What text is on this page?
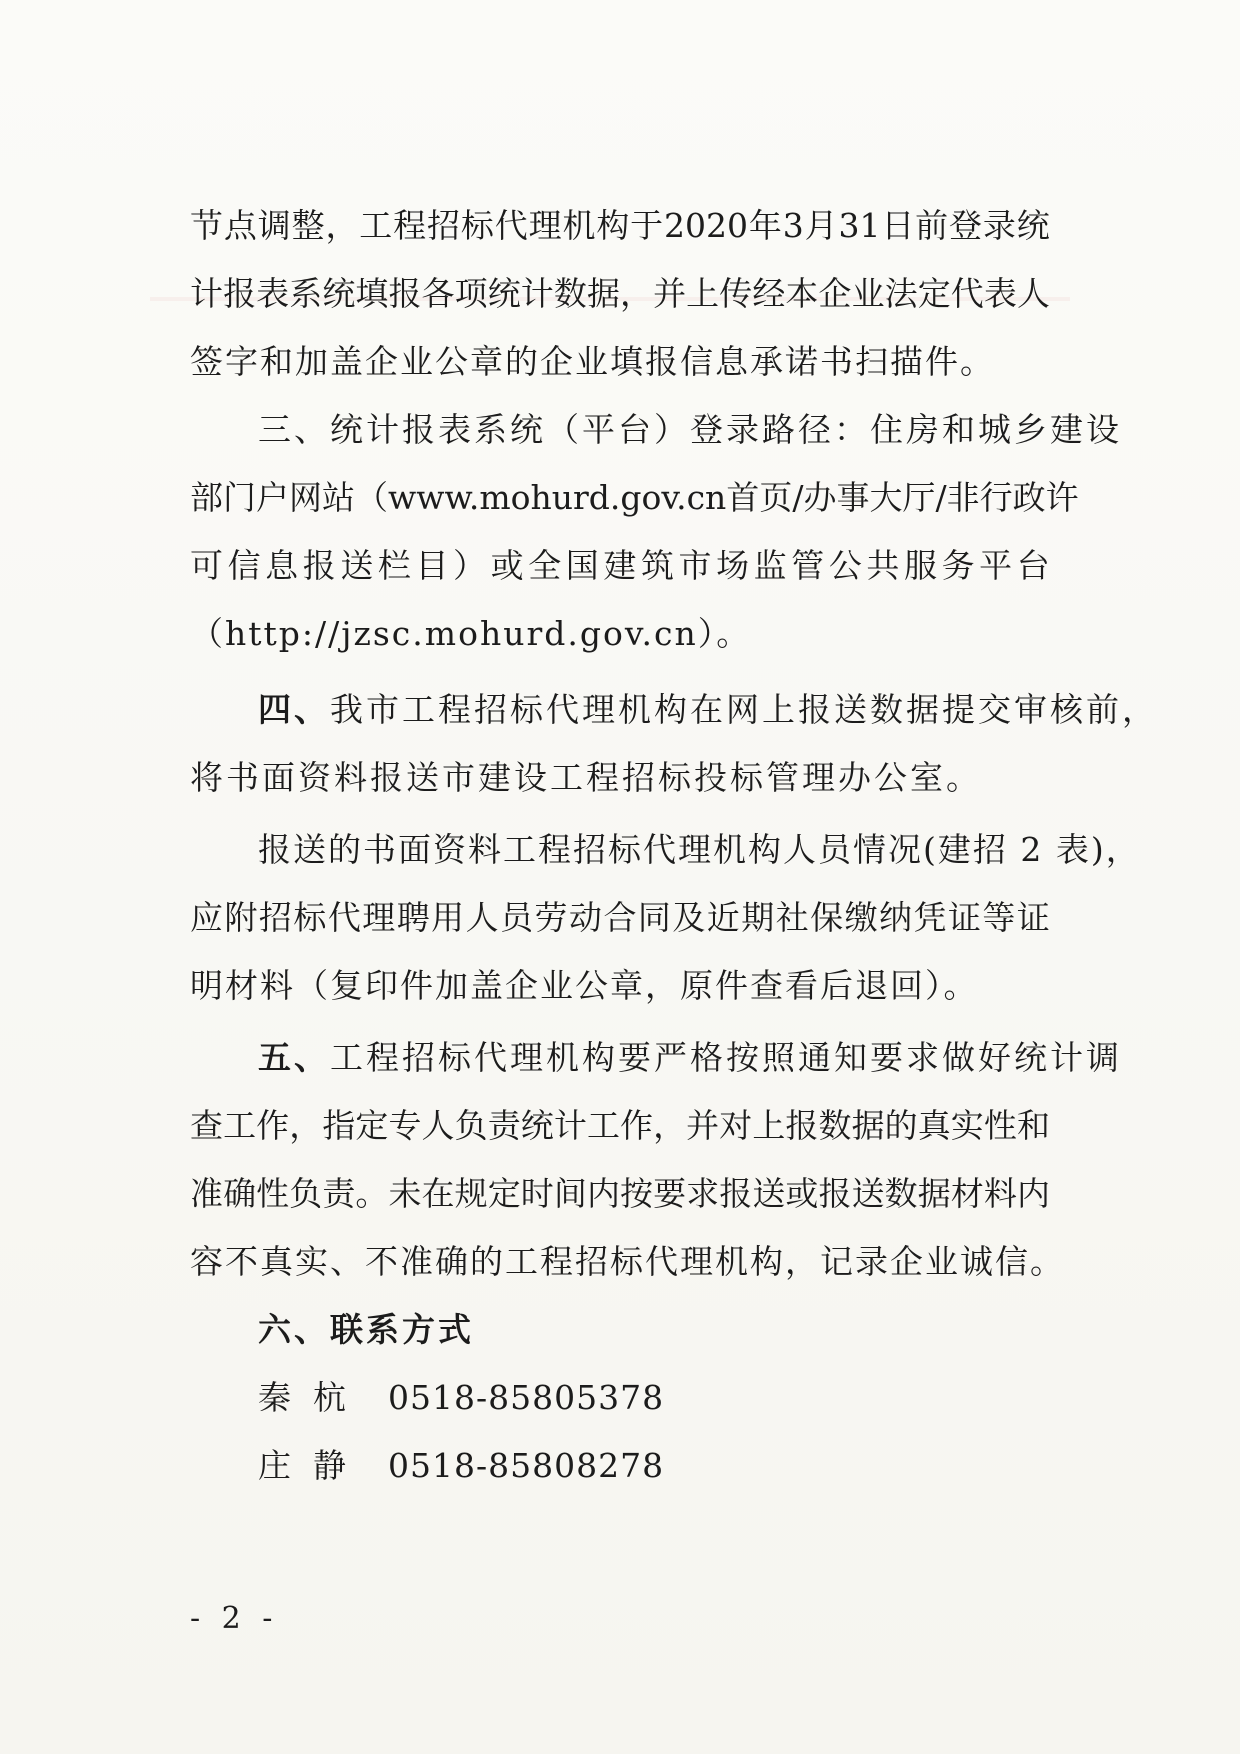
节 点 调 整 ， 工 程 招 标 代 理 机 构 于 2020 年 3 月 31 日 前 登 录 统
计 报 表 系 统 填 报 各 项 统 计 数 据 ， 并 上 传 经 本 企 业 法 定 代 表 人
签字和加盖企业公章的企业填报信息承诺书扫描件。
三、统计报表系统（平台）登录路径：住房和城乡建设
部 门 户 网 站 （ www.mohurd.gov.cn 首 页 / 办 事 大 厅 / 非 行 政 许
可 信 息 报 送 栏 目 ） 或 全 国 建 筑 市 场 监 管 公 共 服 务 平 台
（http://jzsc.mohurd.gov.cn）。
四、我市工程招标代理机构在网上报送数据提交审核前，
将书面资料报送市建设工程招标投标管理办公室。
报送的书面资料工程招标代理机构人员情况(建招 2 表)，
应 附 招 标 代 理 聘 用 人 员 劳 动 合 同 及 近 期 社 保 缴 纳 凭 证 等 证
明材料（复印件加盖企业公章，原件查看后退回）。
五、工程招标代理机构要严格按照通知要求做好统计调
查 工 作 ， 指 定 专 人 负 责 统 计 工 作 ， 并 对 上 报 数 据 的 真 实 性 和
准 确 性 负 责 。 未 在 规 定 时 间 内 按 要 求 报 送 或 报 送 数 据 材 料 内
容不真实、不准确的工程招标代理机构，记录企业诚信。
六、联系方式
秦杭 0518-85805378
庄静 0518-85808278
- 2 -
